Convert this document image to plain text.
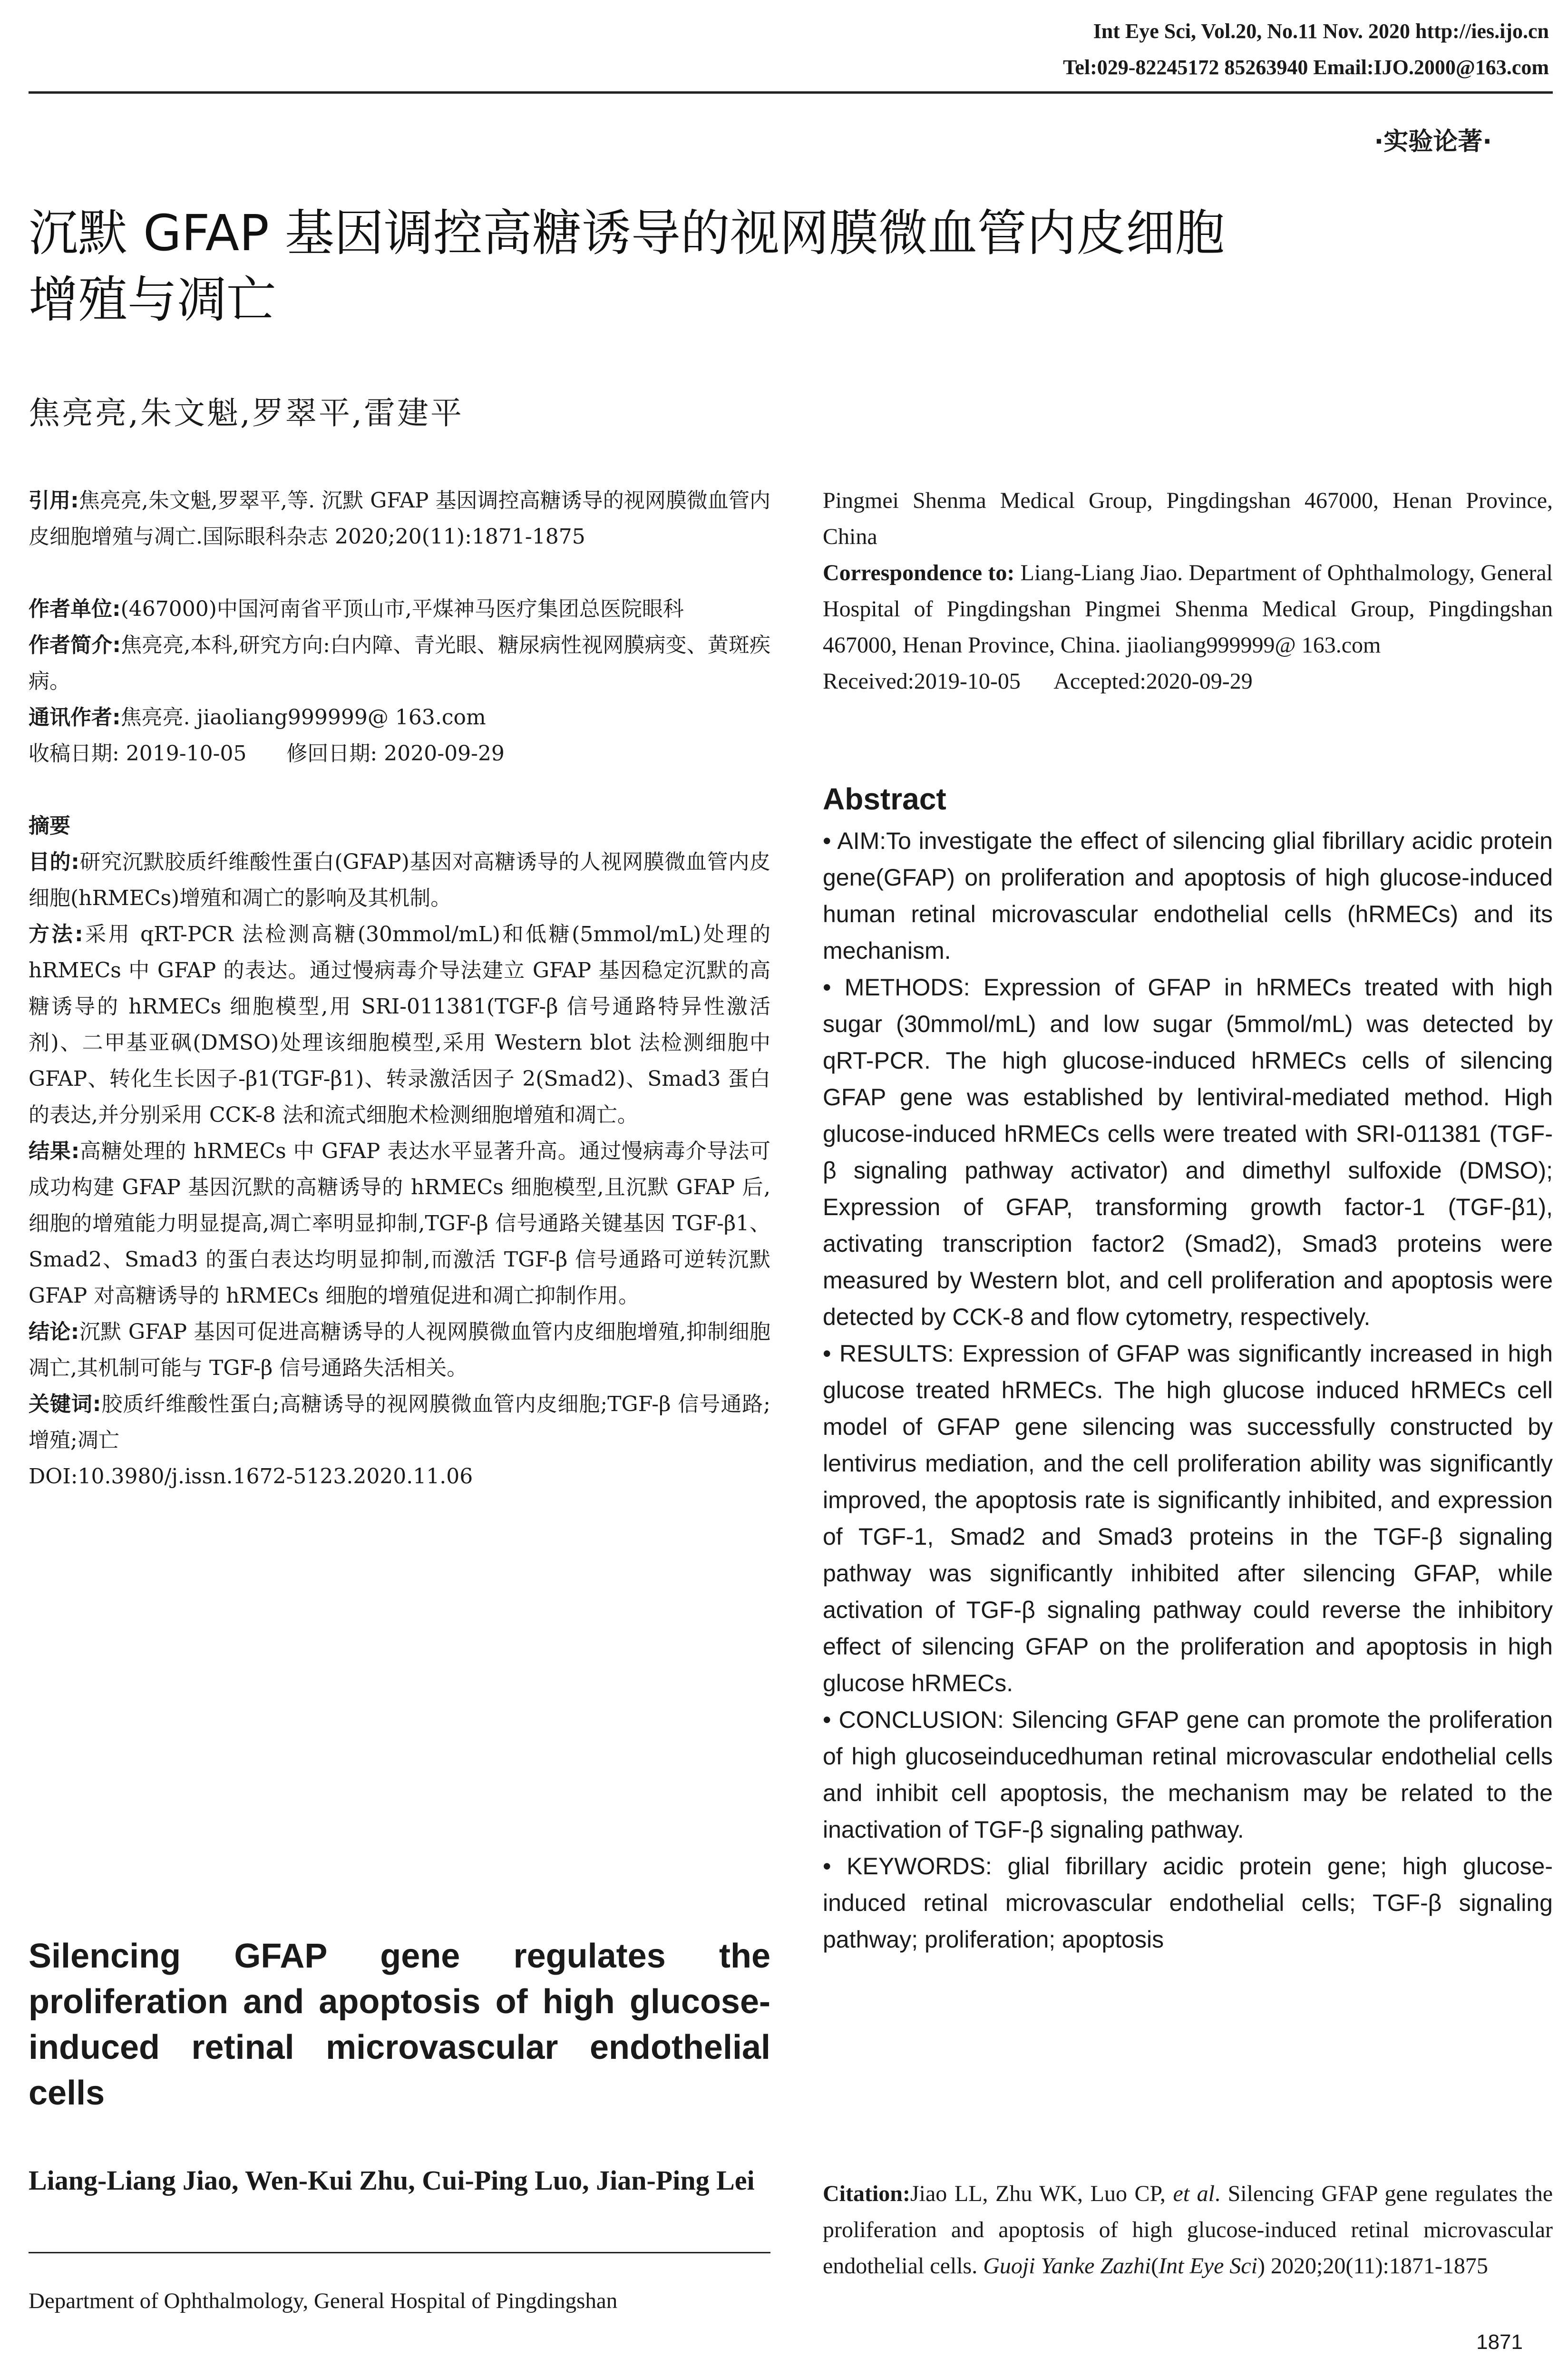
Int Eye Sci, Vol.20, No.11 Nov. 2020 http://ies.ijo.cn
Tel:029-82245172 85263940 Email:IJO.2000@163.com
·实验论著·
沉默 GFAP 基因调控高糖诱导的视网膜微血管内皮细胞
增殖与凋亡
焦亮亮,朱文魁,罗翠平,雷建平

引用:焦亮亮,朱文魁,罗翠平,等. 沉默 GFAP 基因调控高糖诱导的视网膜微血管内皮细胞增殖与凋亡.国际眼科杂志 2020;20(11):1871-1875

作者单位:(467000)中国河南省平顶山市,平煤神马医疗集团总医院眼科

作者简介:焦亮亮,本科,研究方向:白内障、青光眼、糖尿病性视网膜病变、黄斑疾病。

通讯作者:焦亮亮. jiaoliang999999@ 163.com

收稿日期: 2019-10-05      修回日期: 2020-09-29

摘要

目的:研究沉默胶质纤维酸性蛋白(GFAP)基因对高糖诱导的人视网膜微血管内皮细胞(hRMECs)增殖和凋亡的影响及其机制。

方法:采用 qRT-PCR 法检测高糖(30mmol/mL)和低糖(5mmol/mL)处理的 hRMECs 中 GFAP 的表达。通过慢病毒介导法建立 GFAP 基因稳定沉默的高糖诱导的 hRMECs 细胞模型,用 SRI-011381(TGF-β 信号通路特异性激活剂)、二甲基亚砜(DMSO)处理该细胞模型,采用 Western blot 法检测细胞中 GFAP、转化生长因子-β1(TGF-β1)、转录激活因子 2(Smad2)、Smad3 蛋白的表达,并分别采用 CCK-8 法和流式细胞术检测细胞增殖和凋亡。

结果:高糖处理的 hRMECs 中 GFAP 表达水平显著升高。通过慢病毒介导法可成功构建 GFAP 基因沉默的高糖诱导的 hRMECs 细胞模型,且沉默 GFAP 后,细胞的增殖能力明显提高,凋亡率明显抑制,TGF-β 信号通路关键基因 TGF-β1、Smad2、Smad3 的蛋白表达均明显抑制,而激活 TGF-β 信号通路可逆转沉默 GFAP 对高糖诱导的 hRMECs 细胞的增殖促进和凋亡抑制作用。

结论:沉默 GFAP 基因可促进高糖诱导的人视网膜微血管内皮细胞增殖,抑制细胞凋亡,其机制可能与 TGF-β 信号通路失活相关。

关键词:胶质纤维酸性蛋白;高糖诱导的视网膜微血管内皮细胞;TGF-β 信号通路;增殖;凋亡

DOI:10.3980/j.issn.1672-5123.2020.11.06

Silencing GFAP gene regulates the proliferation and apoptosis of high glucose-induced retinal microvascular endothelial cells
Liang-Liang Jiao, Wen-Kui Zhu, Cui-Ping Luo, Jian-Ping Lei
Department of Ophthalmology, General Hospital of Pingdingshan

Pingmei Shenma Medical Group, Pingdingshan 467000, Henan Province, China

Correspondence to: Liang-Liang Jiao. Department of Ophthalmology, General Hospital of Pingdingshan Pingmei Shenma Medical Group, Pingdingshan 467000, Henan Province, China. jiaoliang999999@ 163.com

Received:2019-10-05      Accepted:2020-09-29

Abstract

• AIM:To investigate the effect of silencing glial fibrillary acidic protein gene(GFAP) on proliferation and apoptosis of high glucose-induced human retinal microvascular endothelial cells (hRMECs) and its mechanism.

• METHODS: Expression of GFAP in hRMECs treated with high sugar (30mmol/mL) and low sugar (5mmol/mL) was detected by qRT-PCR. The high glucose-induced hRMECs cells of silencing GFAP gene was established by lentiviral-mediated method. High glucose-induced hRMECs cells were treated with SRI-011381 (TGF-β signaling pathway activator) and dimethyl sulfoxide (DMSO); Expression of GFAP, transforming growth factor-1 (TGF-β1), activating transcription factor2 (Smad2), Smad3 proteins were measured by Western blot, and cell proliferation and apoptosis were detected by CCK-8 and flow cytometry, respectively.

• RESULTS: Expression of GFAP was significantly increased in high glucose treated hRMECs. The high glucose induced hRMECs cell model of GFAP gene silencing was successfully constructed by lentivirus mediation, and the cell proliferation ability was significantly improved, the apoptosis rate is significantly inhibited, and expression of TGF-1, Smad2 and Smad3 proteins in the TGF-β signaling pathway was significantly inhibited after silencing GFAP, while activation of TGF-β signaling pathway could reverse the inhibitory effect of silencing GFAP on the proliferation and apoptosis in high glucose hRMECs.

• CONCLUSION: Silencing GFAP gene can promote the proliferation of high glucoseinducedhuman retinal microvascular endothelial cells and inhibit cell apoptosis, the mechanism may be related to the inactivation of TGF-β signaling pathway.

• KEYWORDS: glial fibrillary acidic protein gene; high glucose-induced retinal microvascular endothelial cells; TGF-β signaling pathway; proliferation; apoptosis

Citation:Jiao LL, Zhu WK, Luo CP, et al. Silencing GFAP gene regulates the proliferation and apoptosis of high glucose-induced retinal microvascular endothelial cells. Guoji Yanke Zazhi(Int Eye Sci) 2020;20(11):1871-1875
1871
